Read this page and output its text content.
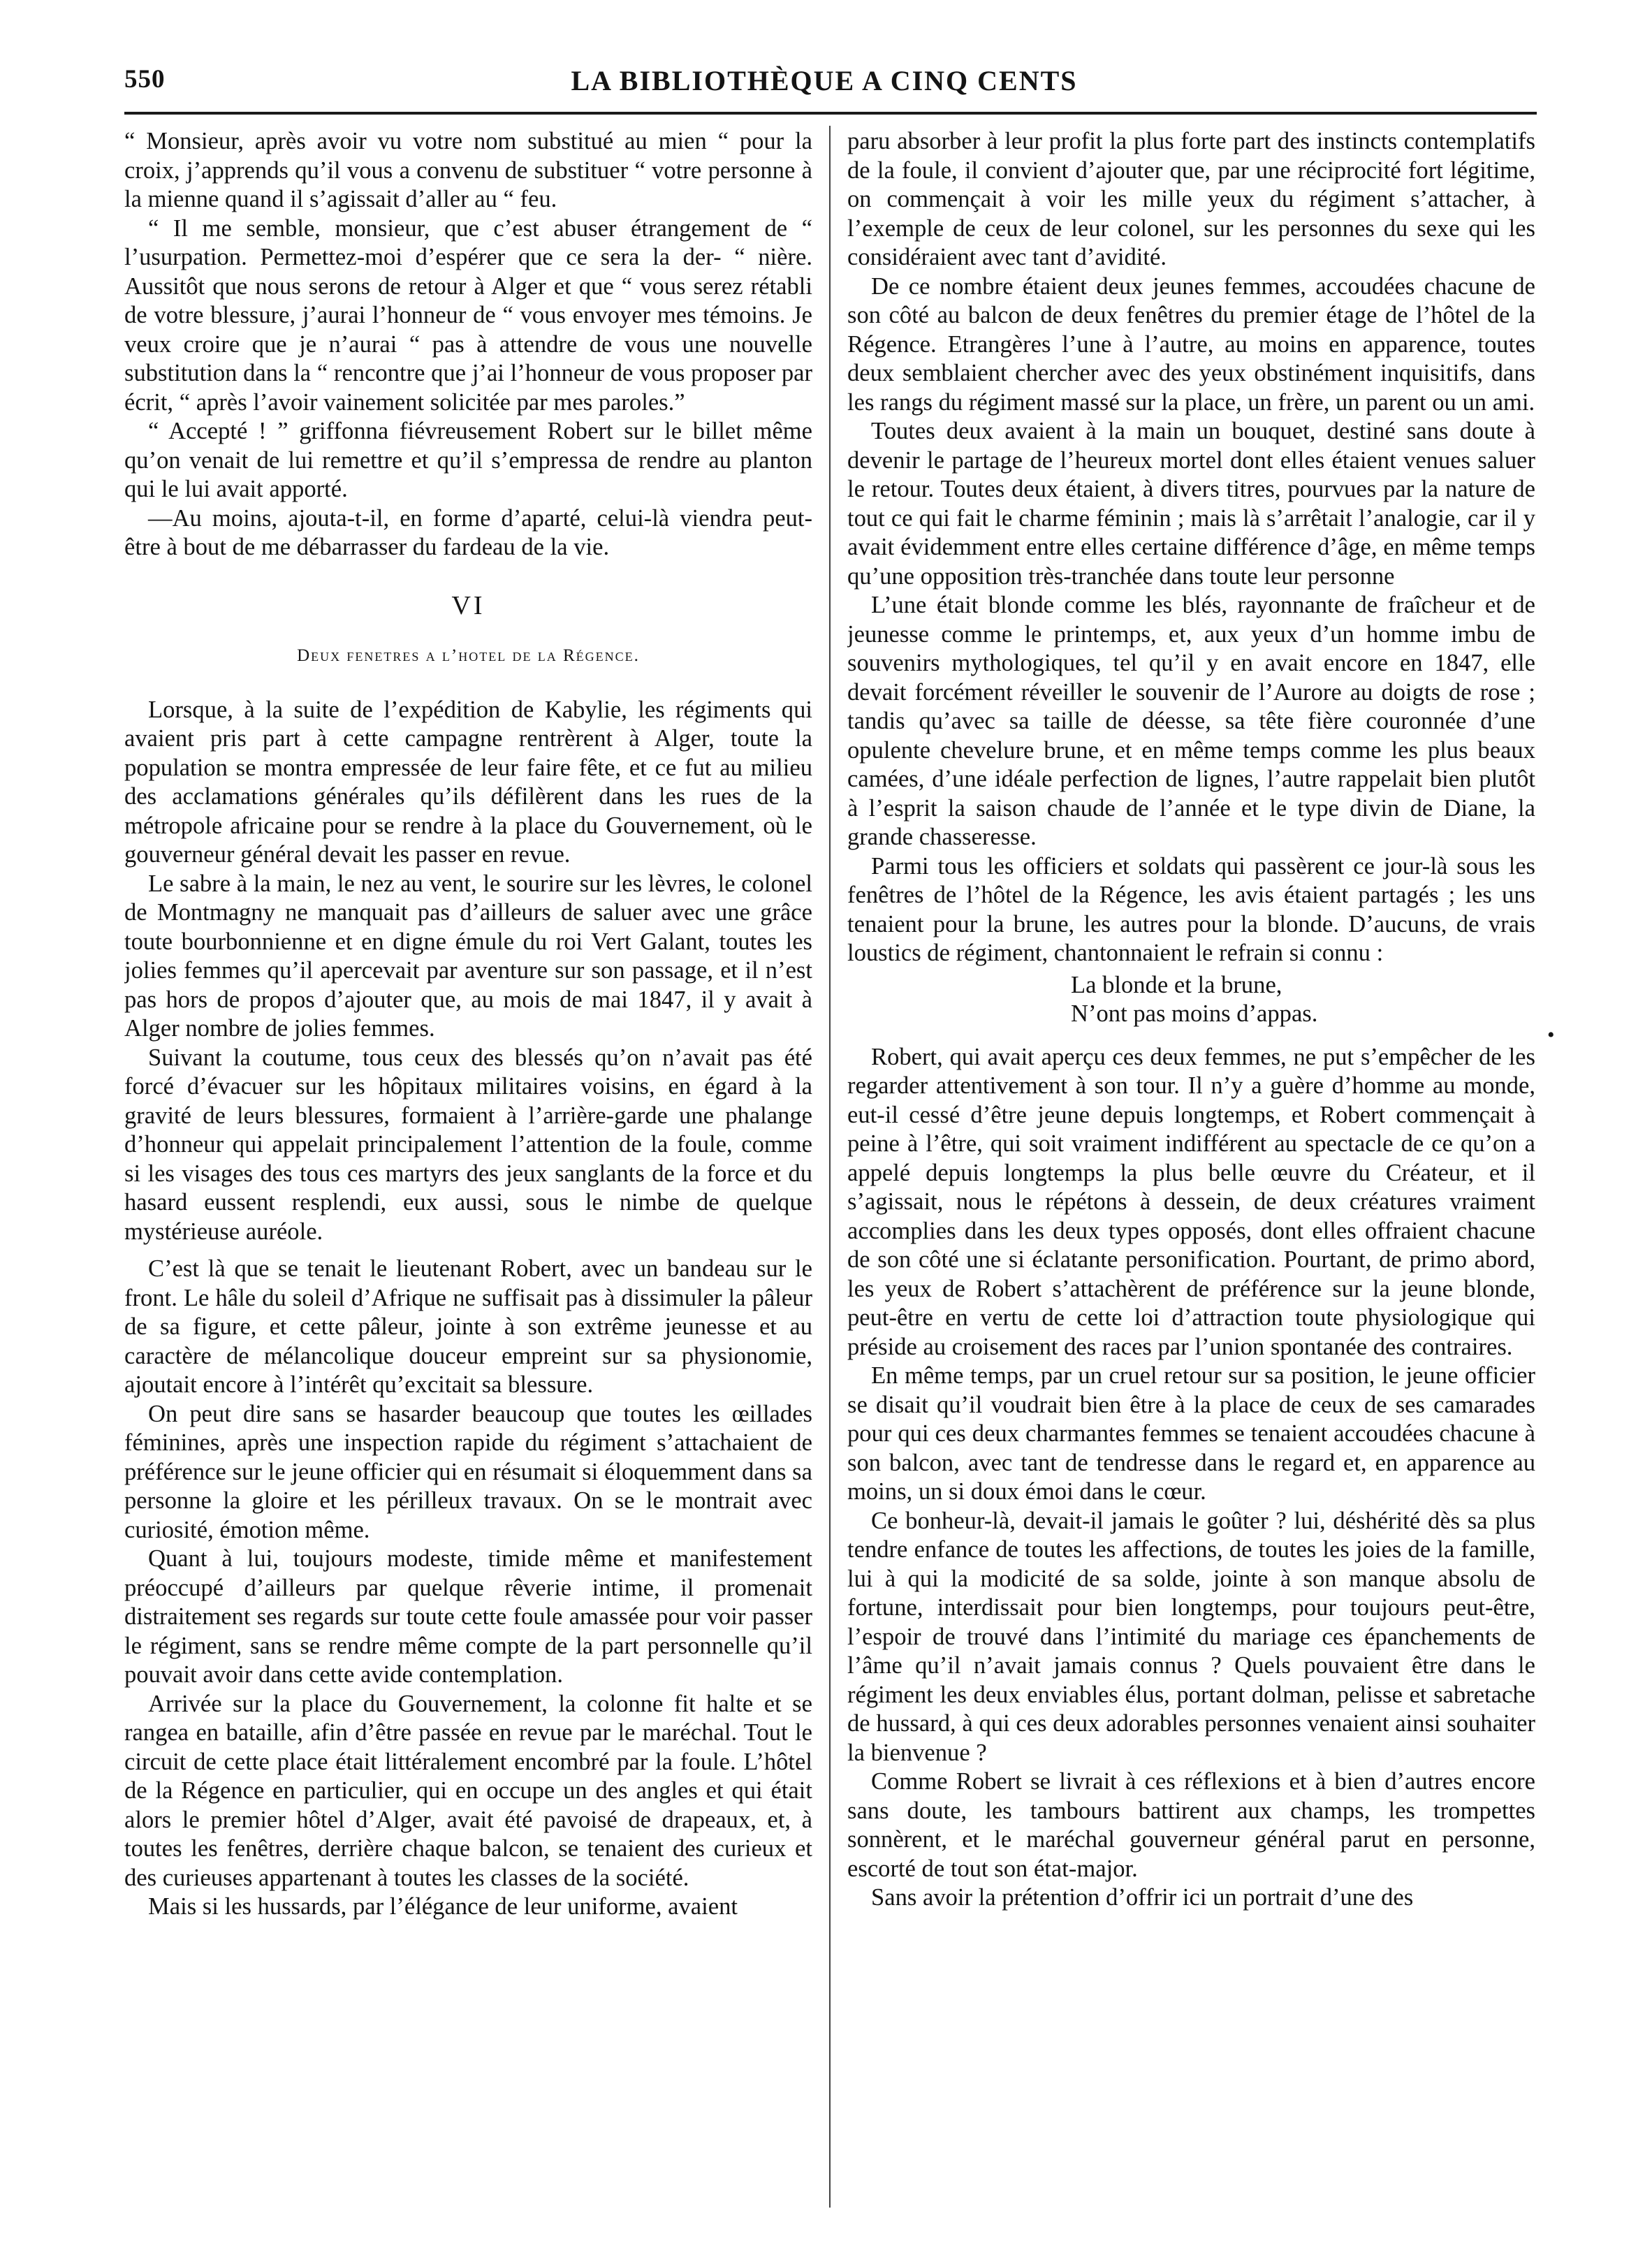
550	LA BIBLIOTHÈQUE A CINQ CENTS

“ Monsieur, après avoir vu votre nom substitué au mien “ pour la croix, j’apprends qu’il vous a convenu de substituer “ votre personne à la mienne quand il s’agissait d’aller au “ feu.

“ Il me semble, monsieur, que c’est abuser étrangement de “ l’usurpation. Permettez-moi d’espérer que ce sera la der- “ nière. Aussitôt que nous serons de retour à Alger et que “ vous serez rétabli de votre blessure, j’aurai l’honneur de “ vous envoyer mes témoins. Je veux croire que je n’aurai “ pas à attendre de vous une nouvelle substitution dans la “ rencontre que j’ai l’honneur de vous proposer par écrit, “ après l’avoir vainement solicitée par mes paroles.”

“ Accepté ! ” griffonna fiévreusement Robert sur le billet même qu’on venait de lui remettre et qu’il s’empressa de rendre au planton qui le lui avait apporté.

—Au moins, ajouta-t-il, en forme d’aparté, celui-là viendra peut-être à bout de me débarrasser du fardeau de la vie.

VI
Deux fenetres a l’hotel de la Régence.

Lorsque, à la suite de l’expédition de Kabylie, les régiments qui avaient pris part à cette campagne rentrèrent à Alger, toute la population se montra empressée de leur faire fête, et ce fut au milieu des acclamations générales qu’ils défilèrent dans les rues de la métropole africaine pour se rendre à la place du Gouvernement, où le gouverneur général devait les passer en revue.

Le sabre à la main, le nez au vent, le sourire sur les lèvres, le colonel de Montmagny ne manquait pas d’ailleurs de saluer avec une grâce toute bourbonnienne et en digne émule du roi Vert Galant, toutes les jolies femmes qu’il apercevait par aventure sur son passage, et il n’est pas hors de propos d’ajouter que, au mois de mai 1847, il y avait à Alger nombre de jolies femmes.

Suivant la coutume, tous ceux des blessés qu’on n’avait pas été forcé d’évacuer sur les hôpitaux militaires voisins, en égard à la gravité de leurs blessures, formaient à l’arrière-garde une phalange d’honneur qui appelait principalement l’attention de la foule, comme si les visages des tous ces martyrs des jeux sanglants de la force et du hasard eussent resplendi, eux aussi, sous le nimbe de quelque mystérieuse auréole.

C’est là que se tenait le lieutenant Robert, avec un bandeau sur le front. Le hâle du soleil d’Afrique ne suffisait pas à dissimuler la pâleur de sa figure, et cette pâleur, jointe à son extrême jeunesse et au caractère de mélancolique douceur empreint sur sa physionomie, ajoutait encore à l’intérêt qu’excitait sa blessure.

On peut dire sans se hasarder beaucoup que toutes les œillades féminines, après une inspection rapide du régiment s’attachaient de préférence sur le jeune officier qui en résumait si éloquemment dans sa personne la gloire et les périlleux travaux. On se le montrait avec curiosité, émotion même.

Quant à lui, toujours modeste, timide même et manifestement préoccupé d’ailleurs par quelque rêverie intime, il promenait distraitement ses regards sur toute cette foule amassée pour voir passer le régiment, sans se rendre même compte de la part personnelle qu’il pouvait avoir dans cette avide contemplation.

Arrivée sur la place du Gouvernement, la colonne fit halte et se rangea en bataille, afin d’être passée en revue par le maréchal. Tout le circuit de cette place était littéralement encombré par la foule. L’hôtel de la Régence en particulier, qui en occupe un des angles et qui était alors le premier hôtel d’Alger, avait été pavoisé de drapeaux, et, à toutes les fenêtres, derrière chaque balcon, se tenaient des curieux et des curieuses appartenant à toutes les classes de la société.

Mais si les hussards, par l’élégance de leur uniforme, avaient

paru absorber à leur profit la plus forte part des instincts contemplatifs de la foule, il convient d’ajouter que, par une réciprocité fort légitime, on commençait à voir les mille yeux du régiment s’attacher, à l’exemple de ceux de leur colonel, sur les personnes du sexe qui les considéraient avec tant d’avidité.

De ce nombre étaient deux jeunes femmes, accoudées chacune de son côté au balcon de deux fenêtres du premier étage de l’hôtel de la Régence. Etrangères l’une à l’autre, au moins en apparence, toutes deux semblaient chercher avec des yeux obstinément inquisitifs, dans les rangs du régiment massé sur la place, un frère, un parent ou un ami.

Toutes deux avaient à la main un bouquet, destiné sans doute à devenir le partage de l’heureux mortel dont elles étaient venues saluer le retour. Toutes deux étaient, à divers titres, pourvues par la nature de tout ce qui fait le charme féminin ; mais là s’arrêtait l’analogie, car il y avait évidemment entre elles certaine différence d’âge, en même temps qu’une opposition très-tranchée dans toute leur personne

L’une était blonde comme les blés, rayonnante de fraîcheur et de jeunesse comme le printemps, et, aux yeux d’un homme imbu de souvenirs mythologiques, tel qu’il y en avait encore en 1847, elle devait forcément réveiller le souvenir de l’Aurore au doigts de rose ; tandis qu’avec sa taille de déesse, sa tête fière couronnée d’une opulente chevelure brune, et en même temps comme les plus beaux camées, d’une idéale perfection de lignes, l’autre rappelait bien plutôt à l’esprit la saison chaude de l’année et le type divin de Diane, la grande chasseresse.

Parmi tous les officiers et soldats qui passèrent ce jour-là sous les fenêtres de l’hôtel de la Régence, les avis étaient partagés ; les uns tenaient pour la brune, les autres pour la blonde. D’aucuns, de vrais loustics de régiment, chantonnaient le refrain si connu :

La blonde et la brune,
N’ont pas moins d’appas.

Robert, qui avait aperçu ces deux femmes, ne put s’empêcher de les regarder attentivement à son tour. Il n’y a guère d’homme au monde, eut-il cessé d’être jeune depuis longtemps, et Robert commençait à peine à l’être, qui soit vraiment indifférent au spectacle de ce qu’on a appelé depuis longtemps la plus belle œuvre du Créateur, et il s’agissait, nous le répétons à dessein, de deux créatures vraiment accomplies dans les deux types opposés, dont elles offraient chacune de son côté une si éclatante personification. Pourtant, de primo abord, les yeux de Robert s’attachèrent de préférence sur la jeune blonde, peut-être en vertu de cette loi d’attraction toute physiologique qui préside au croisement des races par l’union spontanée des contraires.

En même temps, par un cruel retour sur sa position, le jeune officier se disait qu’il voudrait bien être à la place de ceux de ses camarades pour qui ces deux charmantes femmes se tenaient accoudées chacune à son balcon, avec tant de tendresse dans le regard et, en apparence au moins, un si doux émoi dans le cœur.

Ce bonheur-là, devait-il jamais le goûter ? lui, déshérité dès sa plus tendre enfance de toutes les affections, de toutes les joies de la famille, lui à qui la modicité de sa solde, jointe à son manque absolu de fortune, interdissait pour bien longtemps, pour toujours peut-être, l’espoir de trouvé dans l’intimité du mariage ces épanchements de l’âme qu’il n’avait jamais connus ? Quels pouvaient être dans le régiment les deux enviables élus, portant dolman, pelisse et sabretache de hussard, à qui ces deux adorables personnes venaient ainsi souhaiter la bienvenue ?

Comme Robert se livrait à ces réflexions et à bien d’autres encore sans doute, les tambours battirent aux champs, les trompettes sonnèrent, et le maréchal gouverneur général parut en personne, escorté de tout son état-major.

Sans avoir la prétention d’offrir ici un portrait d’une des

•
